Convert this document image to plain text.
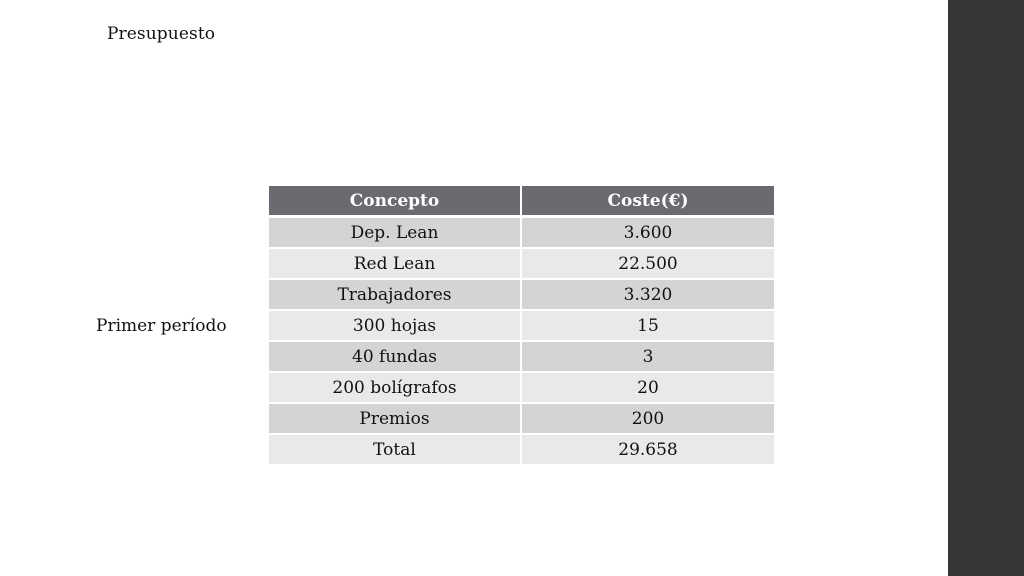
Presupuesto
Primer período
Concepto	Coste(€)
Dep. Lean	3.600
Red Lean	22.500
Trabajadores	3.320
300 hojas	15
40 fundas	3
200 bolígrafos	20
Premios	200
Total	29.658
